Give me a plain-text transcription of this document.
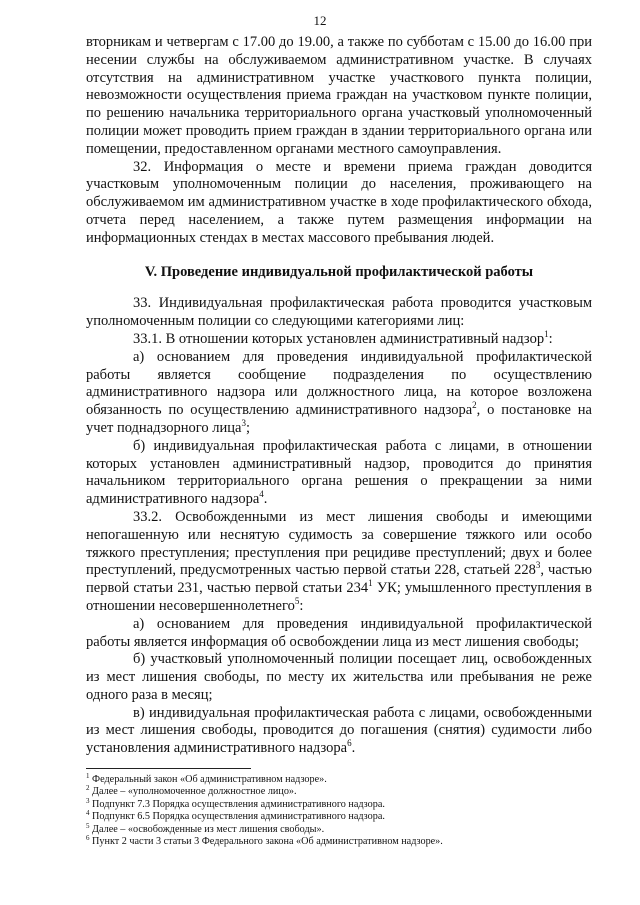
12

вторникам и четвергам с 17.00 до 19.00, а также по субботам с 15.00 до 16.00 при несении службы на обслуживаемом административном участке. В случаях отсутствия на административном участке участкового пункта полиции, невозможности осуществления приема граждан на участковом пункте полиции, по решению начальника территориального органа участковый уполномоченный полиции может проводить прием граждан в здании территориального органа или помещении, предоставленном органами местного самоуправления.

32. Информация о месте и времени приема граждан доводится участковым уполномоченным полиции до населения, проживающего на обслуживаемом им административном участке в ходе профилактического обхода, отчета перед населением, а также путем размещения информации на информационных стендах в местах массового пребывания людей.

V. Проведение индивидуальной профилактической работы

33. Индивидуальная профилактическая работа проводится участковым уполномоченным полиции со следующими категориями лиц:

33.1. В отношении которых установлен административный надзор$^1$:

а) основанием для проведения индивидуальной профилактической работы является сообщение подразделения по осуществлению административного надзора или должностного лица, на которое возложена обязанность по осуществлению административного надзора$^2$, о постановке на учет поднадзорного лица$^3$;

б) индивидуальная профилактическая работа с лицами, в отношении которых установлен административный надзор, проводится до принятия начальником территориального органа решения о прекращении за ними административного надзора$^4$.

33.2. Освобожденными из мест лишения свободы и имеющими непогашенную или неснятую судимость за совершение тяжкого или особо тяжкого преступления; преступления при рецидиве преступлений; двух и более преступлений, предусмотренных частью первой статьи 228, статьей $228^3$, частью первой статьи 231, частью первой статьи $234^1$ УК; умышленного преступления в отношении несовершеннолетнего$^5$:

а) основанием для проведения индивидуальной профилактической работы является информация об освобождении лица из мест лишения свободы;

б) участковый уполномоченный полиции посещает лиц, освобожденных из мест лишения свободы, по месту их жительства или пребывания не реже одного раза в месяц;

в) индивидуальная профилактическая работа с лицами, освобожденными из мест лишения свободы, проводится до погашения (снятия) судимости либо установления административного надзора$^6$.

$^1$ Федеральный закон «Об административном надзоре».

$^2$ Далее – «уполномоченное должностное лицо».

$^3$ Подпункт 7.3 Порядка осуществления административного надзора.

$^4$ Подпункт 6.5 Порядка осуществления административного надзора.

$^5$ Далее – «освобожденные из мест лишения свободы».

$^6$ Пункт 2 части 3 статьи 3 Федерального закона «Об административном надзоре».
